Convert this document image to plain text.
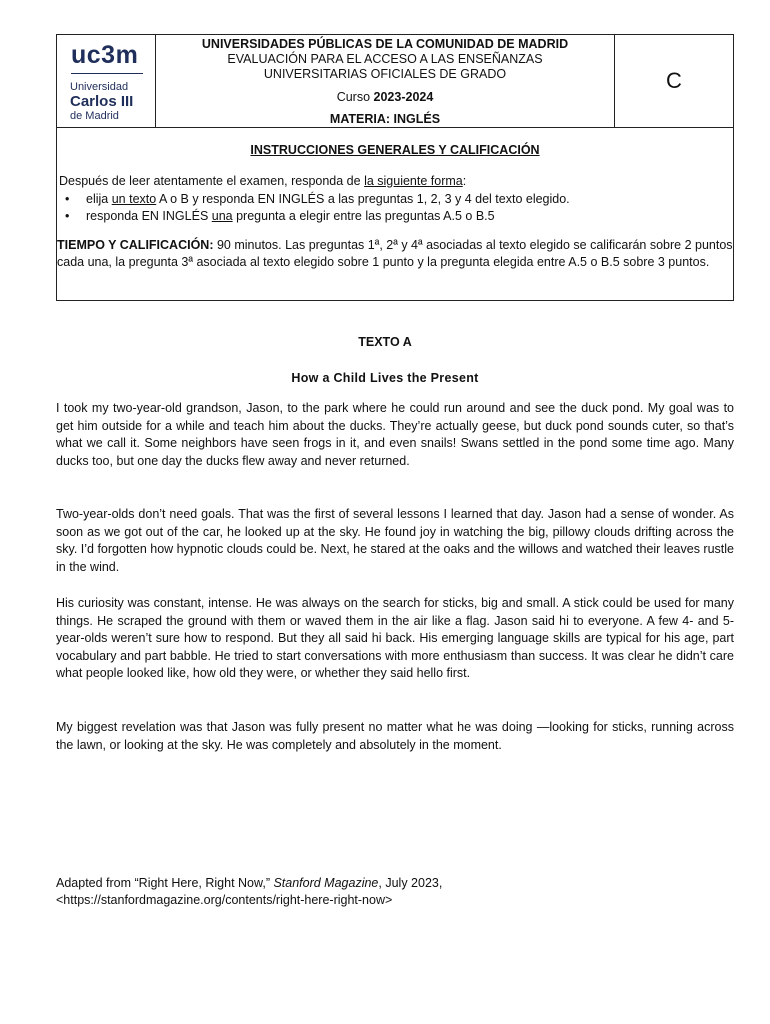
uc3m
Universidad
Carlos III
de Madrid
UNIVERSIDADES PÚBLICAS DE LA COMUNIDAD DE MADRID
EVALUACIÓN PARA EL ACCESO A LAS ENSEÑANZAS
UNIVERSITARIAS OFICIALES DE GRADO
Curso 2023-2024
MATERIA: INGLÉS
C
INSTRUCCIONES GENERALES Y CALIFICACIÓN
Después de leer atentamente el examen, responda de la siguiente forma:
• elija un texto A o B y responda EN INGLÉS a las preguntas 1, 2, 3 y 4 del texto elegido.
• responda EN INGLÉS una pregunta a elegir entre las preguntas A.5 o B.5
TIEMPO Y CALIFICACIÓN: 90 minutos. Las preguntas 1ª, 2ª y 4ª asociadas al texto elegido se calificarán sobre 2 puntos cada una, la pregunta 3ª asociada al texto elegido sobre 1 punto y la pregunta elegida entre A.5 o B.5 sobre 3 puntos.
TEXTO A
How a Child Lives the Present
I took my two-year-old grandson, Jason, to the park where he could run around and see the duck pond. My goal was to get him outside for a while and teach him about the ducks. They’re actually geese, but duck pond sounds cuter, so that’s what we call it. Some neighbors have seen frogs in it, and even snails! Swans settled in the pond some time ago. Many ducks too, but one day the ducks flew away and never returned.
Two-year-olds don’t need goals. That was the first of several lessons I learned that day. Jason had a sense of wonder. As soon as we got out of the car, he looked up at the sky. He found joy in watching the big, pillowy clouds drifting across the sky. I’d forgotten how hypnotic clouds could be. Next, he stared at the oaks and the willows and watched their leaves rustle in the wind.
His curiosity was constant, intense. He was always on the search for sticks, big and small. A stick could be used for many things. He scraped the ground with them or waved them in the air like a flag. Jason said hi to everyone. A few 4- and 5-year-olds weren’t sure how to respond. But they all said hi back. His emerging language skills are typical for his age, part vocabulary and part babble. He tried to start conversations with more enthusiasm than success. It was clear he didn’t care what people looked like, how old they were, or whether they said hello first.
My biggest revelation was that Jason was fully present no matter what he was doing —looking for sticks, running across the lawn, or looking at the sky. He was completely and absolutely in the moment.
Adapted from “Right Here, Right Now,” Stanford Magazine, July 2023,
<https://stanfordmagazine.org/contents/right-here-right-now>
